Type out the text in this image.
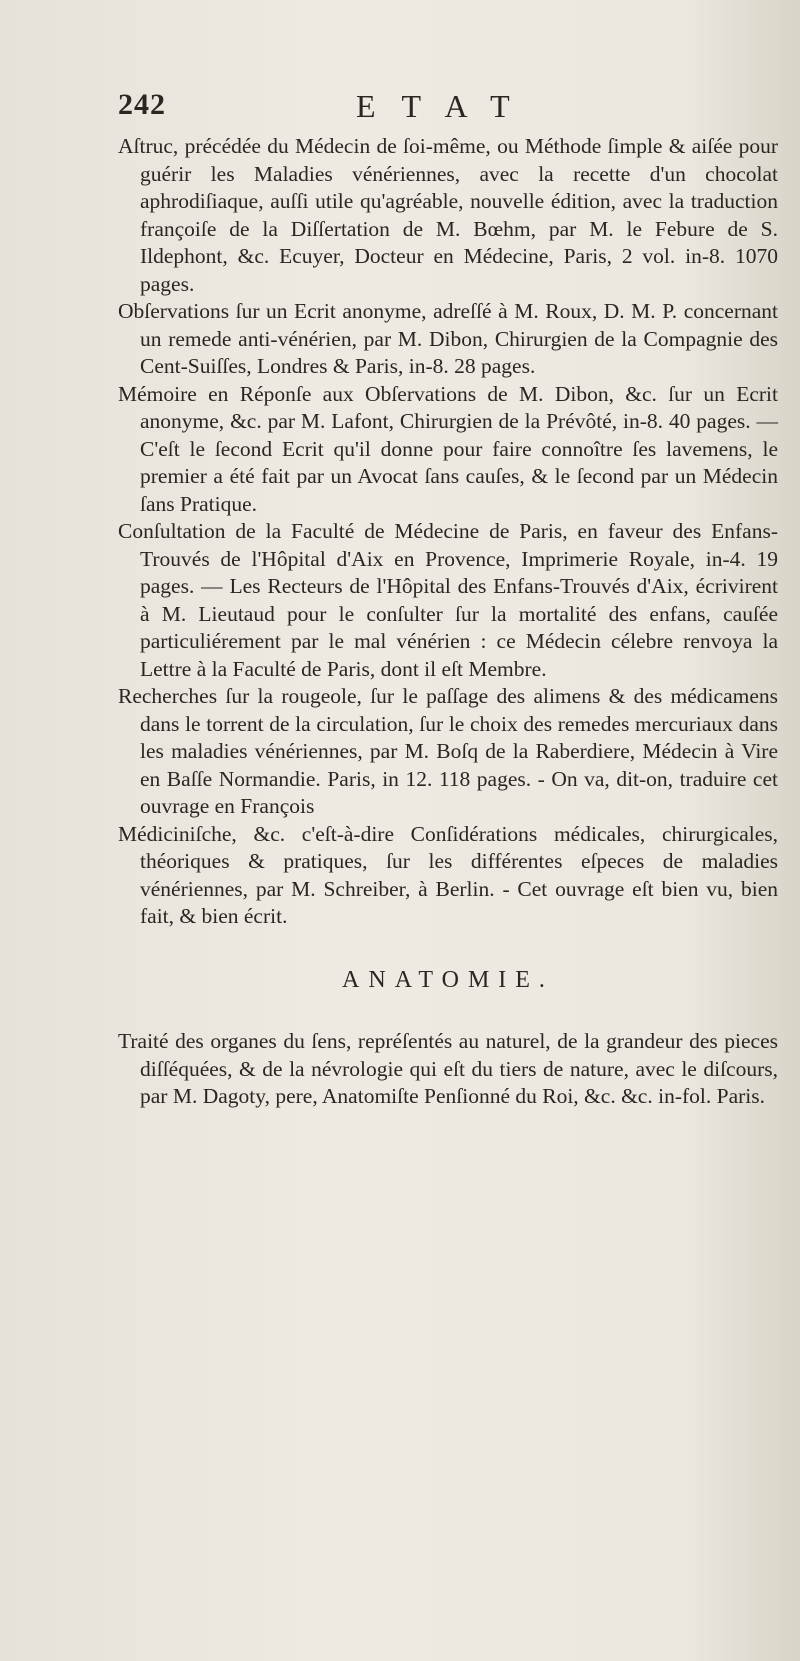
242	ETAT

Aſtruc, précédée du Médecin de ſoi-même, ou Méthode ſimple & aiſée pour guérir les Maladies vénériennes, avec la recette d'un chocolat aphrodiſiaque, auſſi utile qu'agréable, nouvelle édition, avec la traduction françoiſe de la Diſſertation de M. Bœhm, par M. le Febure de S. Ildephont, &c. Ecuyer, Docteur en Médecine, Paris, 2 vol. in-8. 1070 pages.

Obſervations ſur un Ecrit anonyme, adreſſé à M. Roux, D. M. P. concernant un remede anti-vénérien, par M. Dibon, Chirurgien de la Compagnie des Cent-Suiſſes, Londres & Paris, in-8. 28 pages.

Mémoire en Réponſe aux Obſervations de M. Dibon, &c. ſur un Ecrit anonyme, &c. par M. Lafont, Chirurgien de la Prévôté, in-8. 40 pages. — C'eſt le ſecond Ecrit qu'il donne pour faire connoître ſes lavemens, le premier a été fait par un Avocat ſans cauſes, & le ſecond par un Médecin ſans Pratique.

Conſultation de la Faculté de Médecine de Paris, en faveur des Enfans-Trouvés de l'Hôpital d'Aix en Provence, Imprimerie Royale, in-4. 19 pages. — Les Recteurs de l'Hôpital des Enfans-Trouvés d'Aix, écrivirent à M. Lieutaud pour le conſulter ſur la mortalité des enfans, cauſée particuliérement par le mal vénérien : ce Médecin célebre renvoya la Lettre à la Faculté de Paris, dont il eſt Membre.

Recherches ſur la rougeole, ſur le paſſage des alimens & des médicamens dans le torrent de la circulation, ſur le choix des remedes mercuriaux dans les maladies vénériennes, par M. Boſq de la Raberdiere, Médecin à Vire en Baſſe Normandie. Paris, in 12. 118 pages. - On va, dit-on, traduire cet ouvrage en François

Médiciniſche, &c. c'eſt-à-dire Conſidérations médicales, chirurgicales, théoriques & pratiques, ſur les différentes eſpeces de maladies vénériennes, par M. Schreiber, à Berlin. - Cet ouvrage eſt bien vu, bien fait, & bien écrit.

ANATOMIE.

Traité des organes du ſens, repréſentés au naturel, de la grandeur des pieces diſſéquées, & de la névrologie qui eſt du tiers de nature, avec le diſcours, par M. Dagoty, pere, Anatomiſte Penſionné du Roi, &c. &c. in-fol. Paris.
